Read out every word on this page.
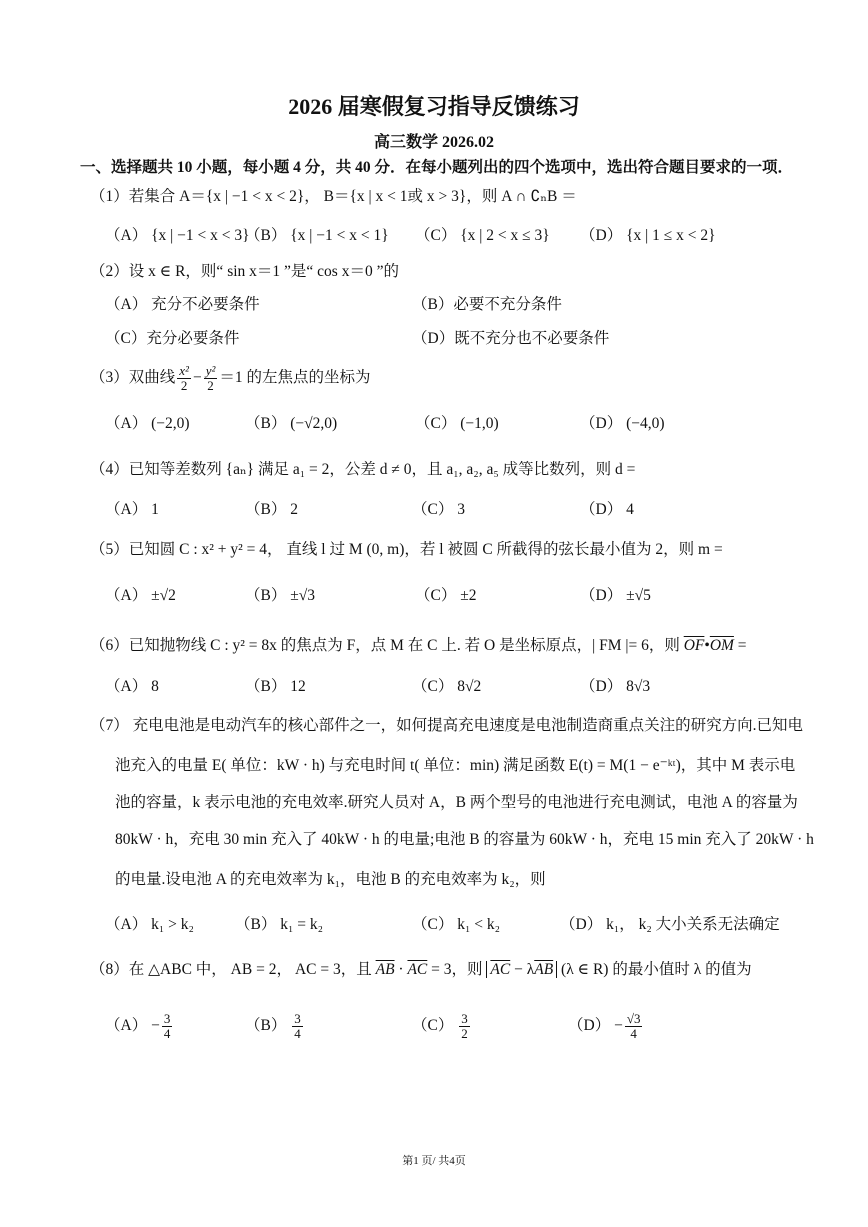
2026 届寒假复习指导反馈练习
高三数学 2026.02
一、选择题共 10 小题，每小题 4 分，共 40 分．在每小题列出的四个选项中，选出符合题目要求的一项．
（1）若集合 A＝{x | −1 < x < 2}， B＝{x | x < 1或 x > 3}，则 A ∩ ∁ₙB ＝
（A） {x | −1 < x < 3}
（B） {x | −1 < x < 1} （C） {x | 2 < x ≤ 3} （D） {x | 1 ≤ x < 2}
（2）设 x ∈ R，则“ sin x＝1 ”是“ cos x＝0 ”的
（A） 充分不必要条件	（B）必要不充分条件
（C）充分必要条件	（D）既不充分也不必要条件
（3）双曲线 $\frac{\text{x²}}{2} - \frac{\text{y²}}{2} =1$ 的左焦点的坐标为
（A） (−2,0)	（B） (−√2,0)	（C） (−1,0)	（D） (−4,0)
（4）已知等差数列 {aₙ} 满足 a₁ = 2，公差 d ≠ 0，且 a₁, a₂, a₅ 成等比数列，则 d =
（A） 1	（B） 2	（C） 3	（D） 4
（5）已知圆 C : x² + y² = 4， 直线 l 过 M (0, m)，若 l 被圆 C 所截得的弦长最小值为 2，则 m =
（A） ±√2	（B） ±√3	（C） ±2	（D） ±√5
（6）已知抛物线 C : y² = 8x 的焦点为 F，点 M 在 C 上. 若 O 是坐标原点，| FM |= 6，则 $\overline{OF}•\overline{OM}$ =
（A） 8	（B） 12	（C） 8√2	（D） 8√3
（7） 充电电池是电动汽车的核心部件之一，如何提高充电速度是电池制造商重点关注的研究方向.已知电
池充入的电量 E( 单位：kW · h) 与充电时间 t( 单位：min) 满足函数 E(t) = M(1 − e⁻ᵏᵗ)，其中 M 表示电
池的容量，k 表示电池的充电效率.研究人员对 A，B 两个型号的电池进行充电测试，电池 A 的容量为
80kW · h，充电 30 min 充入了 40kW · h 的电量;电池 B 的容量为 60kW · h，充电 15 min 充入了 20kW · h
的电量.设电池 A 的充电效率为 k₁，电池 B 的充电效率为 k₂，则
（A） k₁ > k₂	（B） k₁ = k₂	（C） k₁ < k₂	（D） k₁， k₂ 大小关系无法确定
（8）在 △ABC 中， AB = 2， AC = 3，且 $\overline{AB} \cdot \overline{AC} = 3$，则 $\overline{AC} - \lambda\overline{AB}$ (λ ∈ R) 的最小值时 λ 的值为
$(A) - \frac{3}{4}$	$(B) \frac{3}{4}$	$(C) \frac{3}{2}$	$(D) - \frac{√3}{4}$
第1 页/ 共4页
